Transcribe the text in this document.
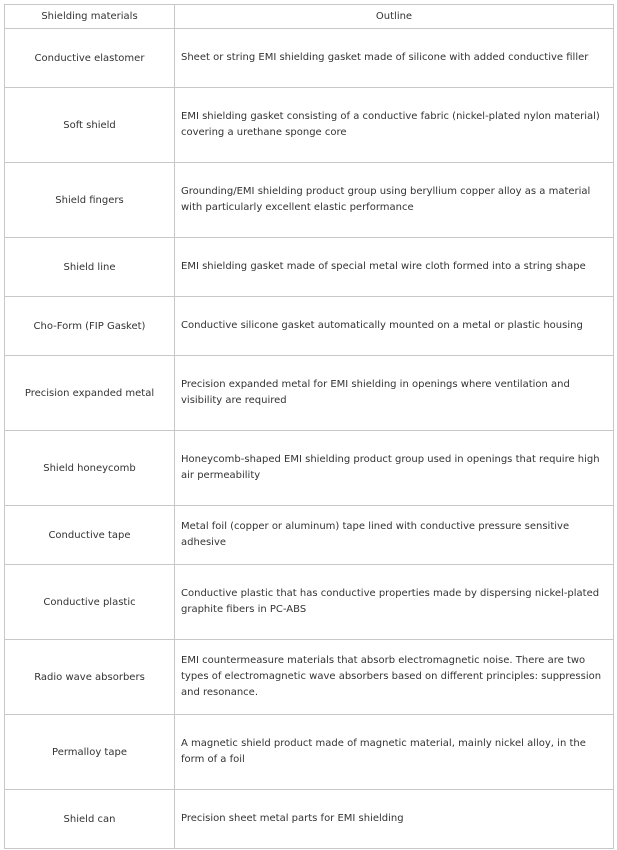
Shielding materials	Outline
Conductive elastomer	Sheet or string EMI shielding gasket made of silicone with added conductive filler
Soft shield	EMI shielding gasket consisting of a conductive fabric (nickel-plated nylon material) covering a urethane sponge core
Shield fingers	Grounding/EMI shielding product group using beryllium copper alloy as a material with particularly excellent elastic performance
Shield line	EMI shielding gasket made of special metal wire cloth formed into a string shape
Cho-Form (FIP Gasket)	Conductive silicone gasket automatically mounted on a metal or plastic housing
Precision expanded metal	Precision expanded metal for EMI shielding in openings where ventilation and visibility are required
Shield honeycomb	Honeycomb-shaped EMI shielding product group used in openings that require high air permeability
Conductive tape	Metal foil (copper or aluminum) tape lined with conductive pressure sensitive adhesive
Conductive plastic	Conductive plastic that has conductive properties made by dispersing nickel-plated graphite fibers in PC-ABS
Radio wave absorbers	EMI countermeasure materials that absorb electromagnetic noise. There are two types of electromagnetic wave absorbers based on different principles: suppression and resonance.
Permalloy tape	A magnetic shield product made of magnetic material, mainly nickel alloy, in the form of a foil
Shield can	Precision sheet metal parts for EMI shielding
